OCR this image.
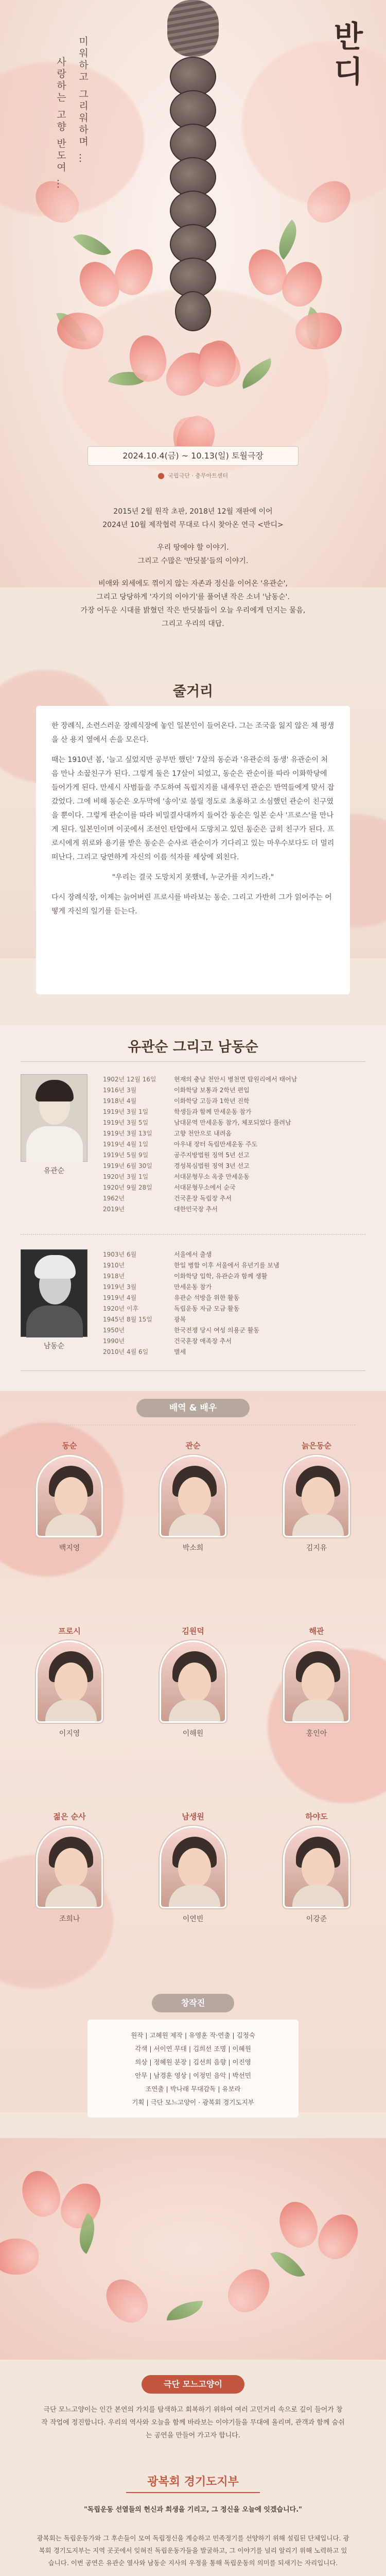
반디
미워하고 그리워하며 …
사랑하는 고향 반도여 …
2024.10.4(금) ~ 10.13(일) 토월극장
국립극단 · 충무아트센터
2015년 2월 원작 초판, 2018년 12월 재판에 이어
2024년 10월 제작협력 무대로 다시 찾아온 연극 <반디>
우리 땅에야 할 이야기.
그리고 수많은 '반딧불'들의 이야기.
비애와 외세에도 꺾이지 않는 자존과 정신을 이어온 '유관순',
그리고 당당하게 '자기의 이야기'를 풀어낸 작은 소녀 '남동순'.
가장 어두운 시대를 밝혔던 작은 반딧불들이 오늘 우리에게 던지는 물음,
그리고 우리의 대답.
줄거리

한 장례식, 소련스러운 장례식장에 놓인 일본인이 들어온다. 그는 조국을 잃지 않은 채 평생을 산 용지 옆에서 손을 모은다.

때는 1910년 봄, '늘고 싶었지만 공부만 했던' 7살의 동순과 '유관순의 동생' 유관순이 처음 만나 소꿉친구가 된다. 그렇게 둘은 17살이 되었고, 동순은 관순이를 따라 이화학당에 들어가게 된다. 만세시 사범들을 주도하여 독립지지를 내세우던 관순은 반역들에게 맞서 잡 갔었다. 그에 비해 동순은 오두막에 '송이'로 불릴 정도로 초롱하고 소심했던 관순이 친구였을 뿐이다. 그렇게 관순이를 따라 비밀결사대까지 들어간 동순은 일본 순사 '프로스'를 만나게 된다. 일본인이며 이곳에서 조선인 탄압에서 도망치고 있던 동순은 급히 친구가 된다. 프로시에게 위로와 용기를 받은 동순은 순사로 관순이가 기다리고 있는 마우수보다도 더 멀리 떠난다. 그리고 당연하게 자신의 이름 석자를 세상에 외친다.

"우리는 결국 도망치지 못했네, 누군가를 지키느라."

다시 장례식장, 이제는 늙어버린 프로시를 바라보는 동순. 그리고 가반히 그가 읽어주는 어떻게 자신의 일기를 듣는다.

유관순 그리고 남동순
유관순
1902년 12월 16일	현재의 충남 천안시 병천면 탑원리에서 태어남
1916년 3월	이화학당 보통과 2학년 편입
1918년 4월	이화학당 고등과 1학년 진학
1919년 3월 1일	학생들과 함께 만세운동 참가
1919년 3월 5일	남대문역 만세운동 참가, 체포되었다 풀려남
1919년 3월 13일	고향 천안으로 내려옴
1919년 4월 1일	아우내 장터 독립만세운동 주도
1919년 5월 9일	공주지방법원 징역 5년 선고
1919년 6월 30일	경성복심법원 징역 3년 선고
1920년 3월 1일	서대문형무소 옥중 만세운동
1920년 9월 28일	서대문형무소에서 순국
1962년	건국훈장 독립장 추서
2019년	대한민국장 추서
남동순
1903년 6월	서울에서 출생
1910년	한일 병합 이후 서울에서 유년기를 보냄
1918년	이화학당 입학, 유관순과 함께 생활
1919년 3월	만세운동 참가
1919년 4월	유관순 석방을 위한 활동
1920년 이후	독립운동 자금 모금 활동
1945년 8월 15일	광복
1950년	한국전쟁 당시 여성 의용군 활동
1990년	건국훈장 애족장 추서
2010년 4월 6일	별세
배역 & 배우
동순
백지영
관순
박소희
늙은동순
김지유
프로시
이지영
김원덕
이해원
해관
홍인아
젊은 순사
조희나
남생원
이연빈
하야도
이강준
창작진
원작 | 고혜원 제작 | 유영훈 작·연출 | 김정숙
각색 | 서이연 무대 | 김희선 조명 | 이혜원
의상 | 정혜원 분장 | 김선희 음향 | 이진영
안무 | 남경훈 영상 | 이정민 음악 | 박선민
조연출 | 박나래 무대감독 | 유보라
기획 | 극단 모느고양이 · 광복회 경기도지부
극단 모느고양이
극단 모느고양이는 인간 본연의 가치를 탐색하고 회복하기 위하여 여러 고민거리 속으로 깊이 들어가 창작 작업에 정진합니다. 우리의 역사와 오늘을 함께 바라보는 이야기들을 무대에 올리며, 관객과 함께 숨쉬는 공연을 만들어 가고자 합니다.
광복회 경기도지부
"독립운동 선열들의 헌신과 희생을 기리고, 그 정신을 오늘에 잇겠습니다."
광복회는 독립운동가와 그 후손들이 모여 독립정신을 계승하고 민족정기를 선양하기 위해 설립된 단체입니다. 광복회 경기도지부는 지역 곳곳에서 잊혀진 독립운동가들을 발굴하고, 그 이야기를 널리 알리기 위해 노력하고 있습니다. 이번 공연은 유관순 열사와 남동순 지사의 우정을 통해 독립운동의 의미를 되새기는 자리입니다.
